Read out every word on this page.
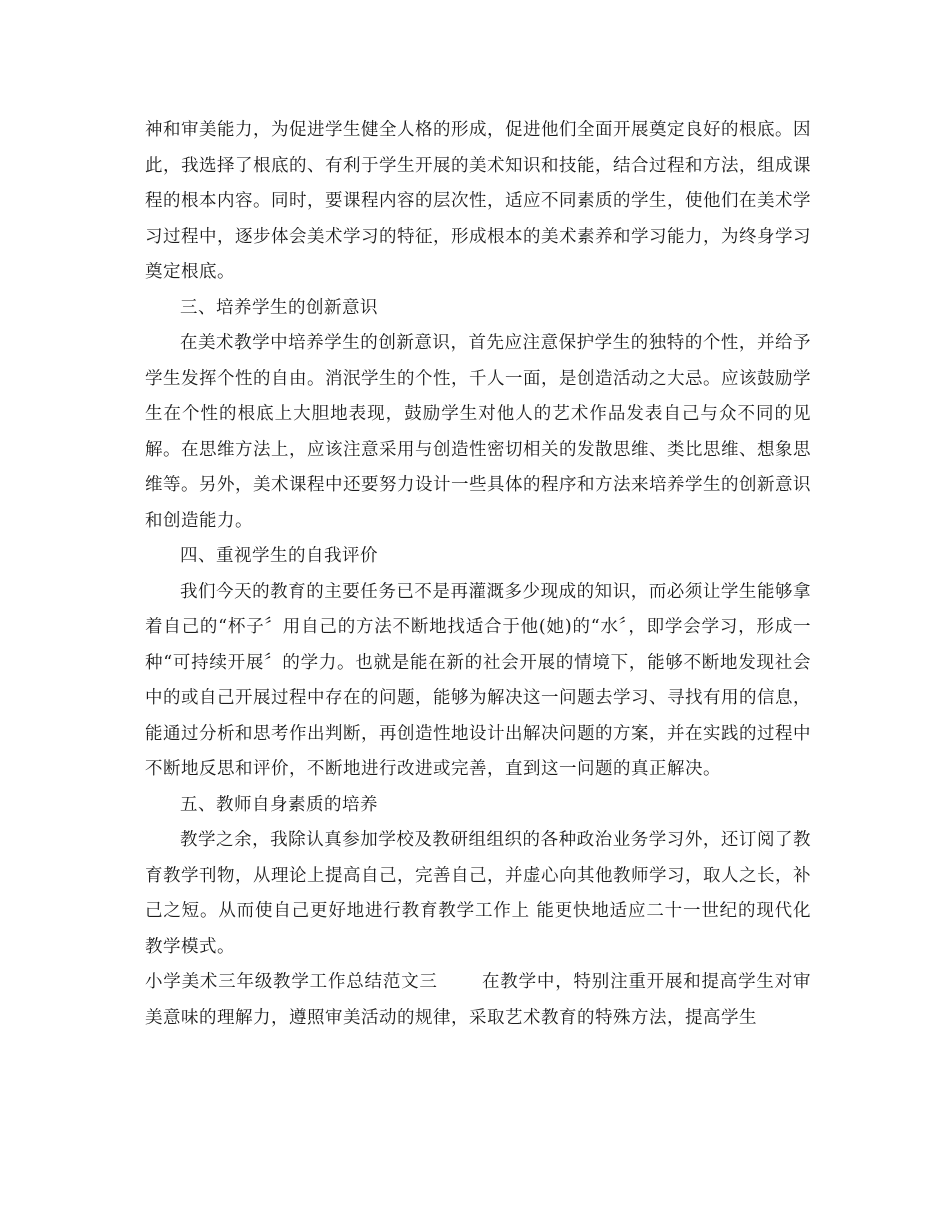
神和审美能力，为促进学生健全人格的形成，促进他们全面开展奠定良好的根底。因此，我选择了根底的、有利于学生开展的美术知识和技能，结合过程和方法，组成课程的根本内容。同时，要课程内容的层次性，适应不同素质的学生，使他们在美术学习过程中，逐步体会美术学习的特征，形成根本的美术素养和学习能力，为终身学习奠定根底。

三、培养学生的创新意识

在美术教学中培养学生的创新意识，首先应注意保护学生的独特的个性，并给予学生发挥个性的自由。消泯学生的个性，千人一面，是创造活动之大忌。应该鼓励学生在个性的根底上大胆地表现，鼓励学生对他人的艺术作品发表自己与众不同的见解。在思维方法上，应该注意采用与创造性密切相关的发散思维、类比思维、想象思维等。另外，美术课程中还要努力设计一些具体的程序和方法来培养学生的创新意识和创造能力。

四、重视学生的自我评价

我们今天的教育的主要任务已不是再灌溉多少现成的知识，而必须让学生能够拿着自己的“杯子〞用自己的方法不断地找适合于他(她)的“水〞，即学会学习，形成一种“可持续开展〞的学力。也就是能在新的社会开展的情境下，能够不断地发现社会中的或自己开展过程中存在的问题，能够为解决这一问题去学习、寻找有用的信息，能通过分析和思考作出判断，再创造性地设计出解决问题的方案，并在实践的过程中不断地反思和评价，不断地进行改进或完善，直到这一问题的真正解决。

五、教师自身素质的培养

教学之余，我除认真参加学校及教研组组织的各种政治业务学习外，还订阅了教育教学刊物，从理论上提高自己，完善自己，并虚心向其他教师学习，取人之长，补己之短。从而使自己更好地进行教育教学工作上 能更快地适应二十一世纪的现代化教学模式。

小学美术三年级教学工作总结范文三	在教学中，特别注重开展和提高学生对审美意味的理解力，遵照审美活动的规律，采取艺术教育的特殊方法，提高学生
